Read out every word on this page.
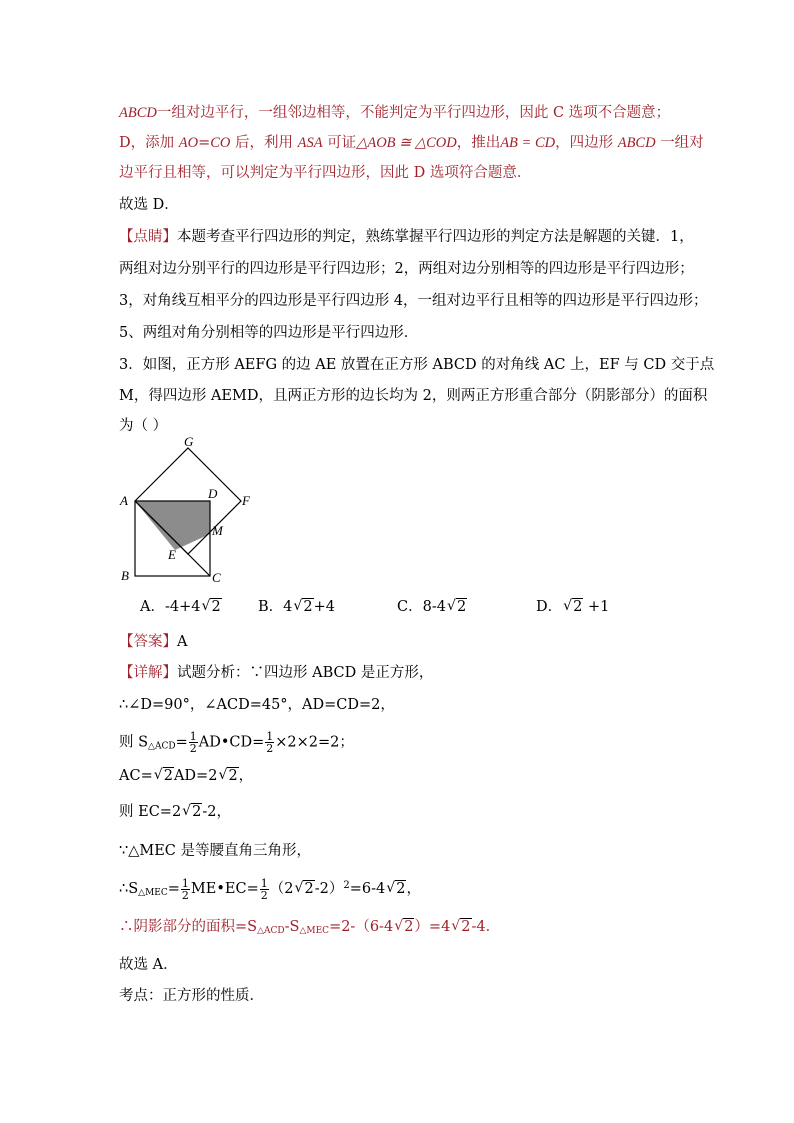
ABCD一组对边平行，一组邻边相等，不能判定为平行四边形，因此 C 选项不合题意；
D，添加 AO=CO 后，利用 ASA 可证△AOB ≅ △COD，推出AB = CD，四边形 ABCD 一组对
边平行且相等，可以判定为平行四边形，因此 D 选项符合题意．
故选 D．
【点睛】本题考查平行四边形的判定，熟练掌握平行四边形的判定方法是解题的关键．1，
两组对边分别平行的四边形是平行四边形；2，两组对边分别相等的四边形是平行四边形；
3，对角线互相平分的四边形是平行四边形 4，一组对边平行且相等的四边形是平行四边形；
5、两组对角分别相等的四边形是平行四边形．
3．如图，正方形 AEFG 的边 AE 放置在正方形 ABCD 的对角线 AC 上，EF 与 CD 交于点
M，得四边形 AEMD，且两正方形的边长均为 2，则两正方形重合部分（阴影部分）的面积
为（ ）
G
A	D F
M
E
B	C
A．-4+4√ 2	B．4√ 2+4	C．8-4√ 2	D．√ 2 +1
【答案】A
【详解】试题分析：∵四边形 ABCD 是正方形，
∴∠D=90°，∠ACD=45°，AD=CD=2，
则 $S_{\triangle ACD}= \frac{1}{2}$ AD•CD= $\frac{1}{2} \times 2\times 2=2$；
AC=√ 2AD=2√ 2，
则 EC=2√ 2-2，
∵△MEC 是等腰直角三角形，
$\therefore S_{\triangle MEC}= \frac{1}{2}$ ME•EC= $\frac{1}{2} (2√$ 2-2）$^2$=6-4√ 2，
∴阴影部分的面积$=S_{\triangle ACD}-S_{\triangle MEC}=2-(6-4√$ 2）=4√ 2-4．
故选 A．
考点：正方形的性质．
